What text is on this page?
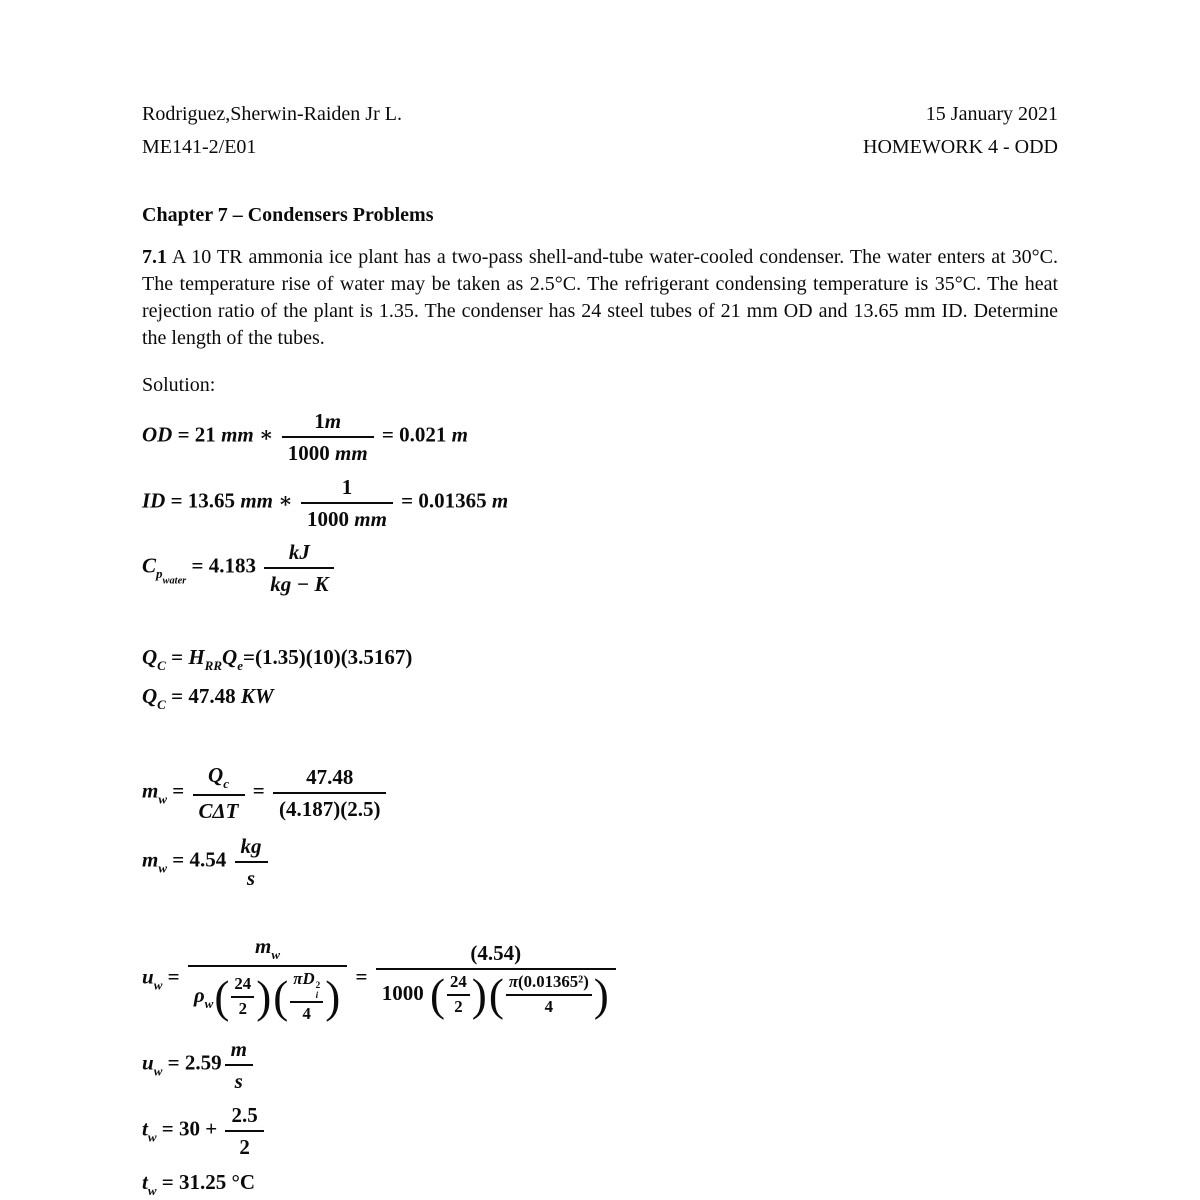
Rodriguez,Sherwin-Raiden Jr L.	15 January 2021
ME141-2/E01	HOMEWORK 4 - ODD
Chapter 7 – Condensers Problems

7.1 A 10 TR ammonia ice plant has a two-pass shell-and-tube water-cooled condenser. The water enters at 30°C. The temperature rise of water may be taken as 2.5°C. The refrigerant condensing temperature is 35°C. The heat rejection ratio of the plant is 1.35. The condenser has 24 steel tubes of 21 mm OD and 13.65 mm ID. Determine the length of the tubes.

Solution:

OD = 21 mm ∗ $\frac{1m}{1000 mm} = 0.021$ m
ID = 13.65 mm ∗ $\frac{1}{1000 mm} = 0.01365$ m
$C_{p_{water}} = 4.183 \frac{kJ}{kg - K}$
$Q_C = H_{RR}Q_e=(1.35)(10)(3.5167)$
$Q_C = 47.48$ KW
$m_w = \frac{Q_c}{\text{CΔT}} = \frac{47.48}{(4.187)(2.5)}$
$m_w = 4.54 \frac{kg}{s}$
$u_w = m_w$
$\rho_w( \frac{24}{2}$ )( πD 2
i
4 ) = $\frac{(4.54)}{1000 ( \frac{24}{2} )( \frac{\text{π(0.01365²)}}{4} )}$
$u_w = 2.59 \frac{m}{s}$
$t_w = 30 + \frac{2.5}{2}$
$t_w = 31.25$ °C
